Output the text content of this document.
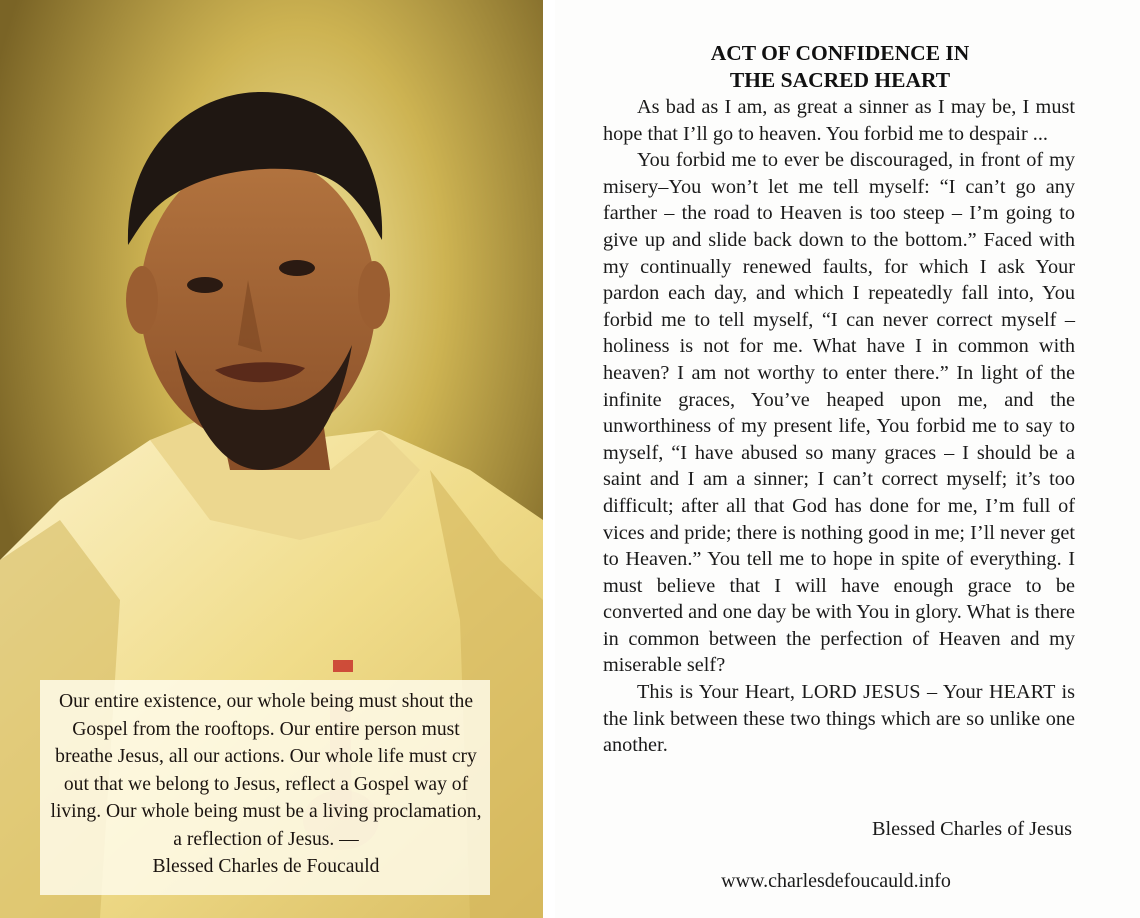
Our entire existence, our whole being must shout the Gospel from the rooftops. Our entire person must breathe Jesus, all our actions. Our whole life must cry out that we belong to Jesus, reflect a Gospel way of living. Our whole being must be a living proclamation, a reflection of Jesus. —
Blessed Charles de Foucauld
ACT OF CONFIDENCE IN
THE SACRED HEART

As bad as I am, as great a sinner as I may be, I must hope that I’ll go to heaven. You forbid me to despair ...

You forbid me to ever be discouraged, in front of my misery–You won’t let me tell myself: “I can’t go any farther – the road to Heaven is too steep – I’m going to give up and slide back down to the bottom.” Faced with my continually renewed faults, for which I ask Your pardon each day, and which I repeatedly fall into, You forbid me to tell myself, “I can never correct myself – holiness is not for me. What have I in common with heaven? I am not worthy to enter there.” In light of the infinite graces, You’ve heaped upon me, and the unworthiness of my present life, You forbid me to say to myself, “I have abused so many graces – I should be a saint and I am a sinner; I can’t correct myself; it’s too difficult; after all that God has done for me, I’m full of vices and pride; there is nothing good in me; I’ll never get to Heaven.” You tell me to hope in spite of everything. I must believe that I will have enough grace to be converted and one day be with You in glory. What is there in common between the perfection of Heaven and my miserable self?

This is Your Heart, LORD JESUS – Your HEART is the link between these two things which are so unlike one another.

Blessed Charles of Jesus

www.charlesdefoucauld.info
